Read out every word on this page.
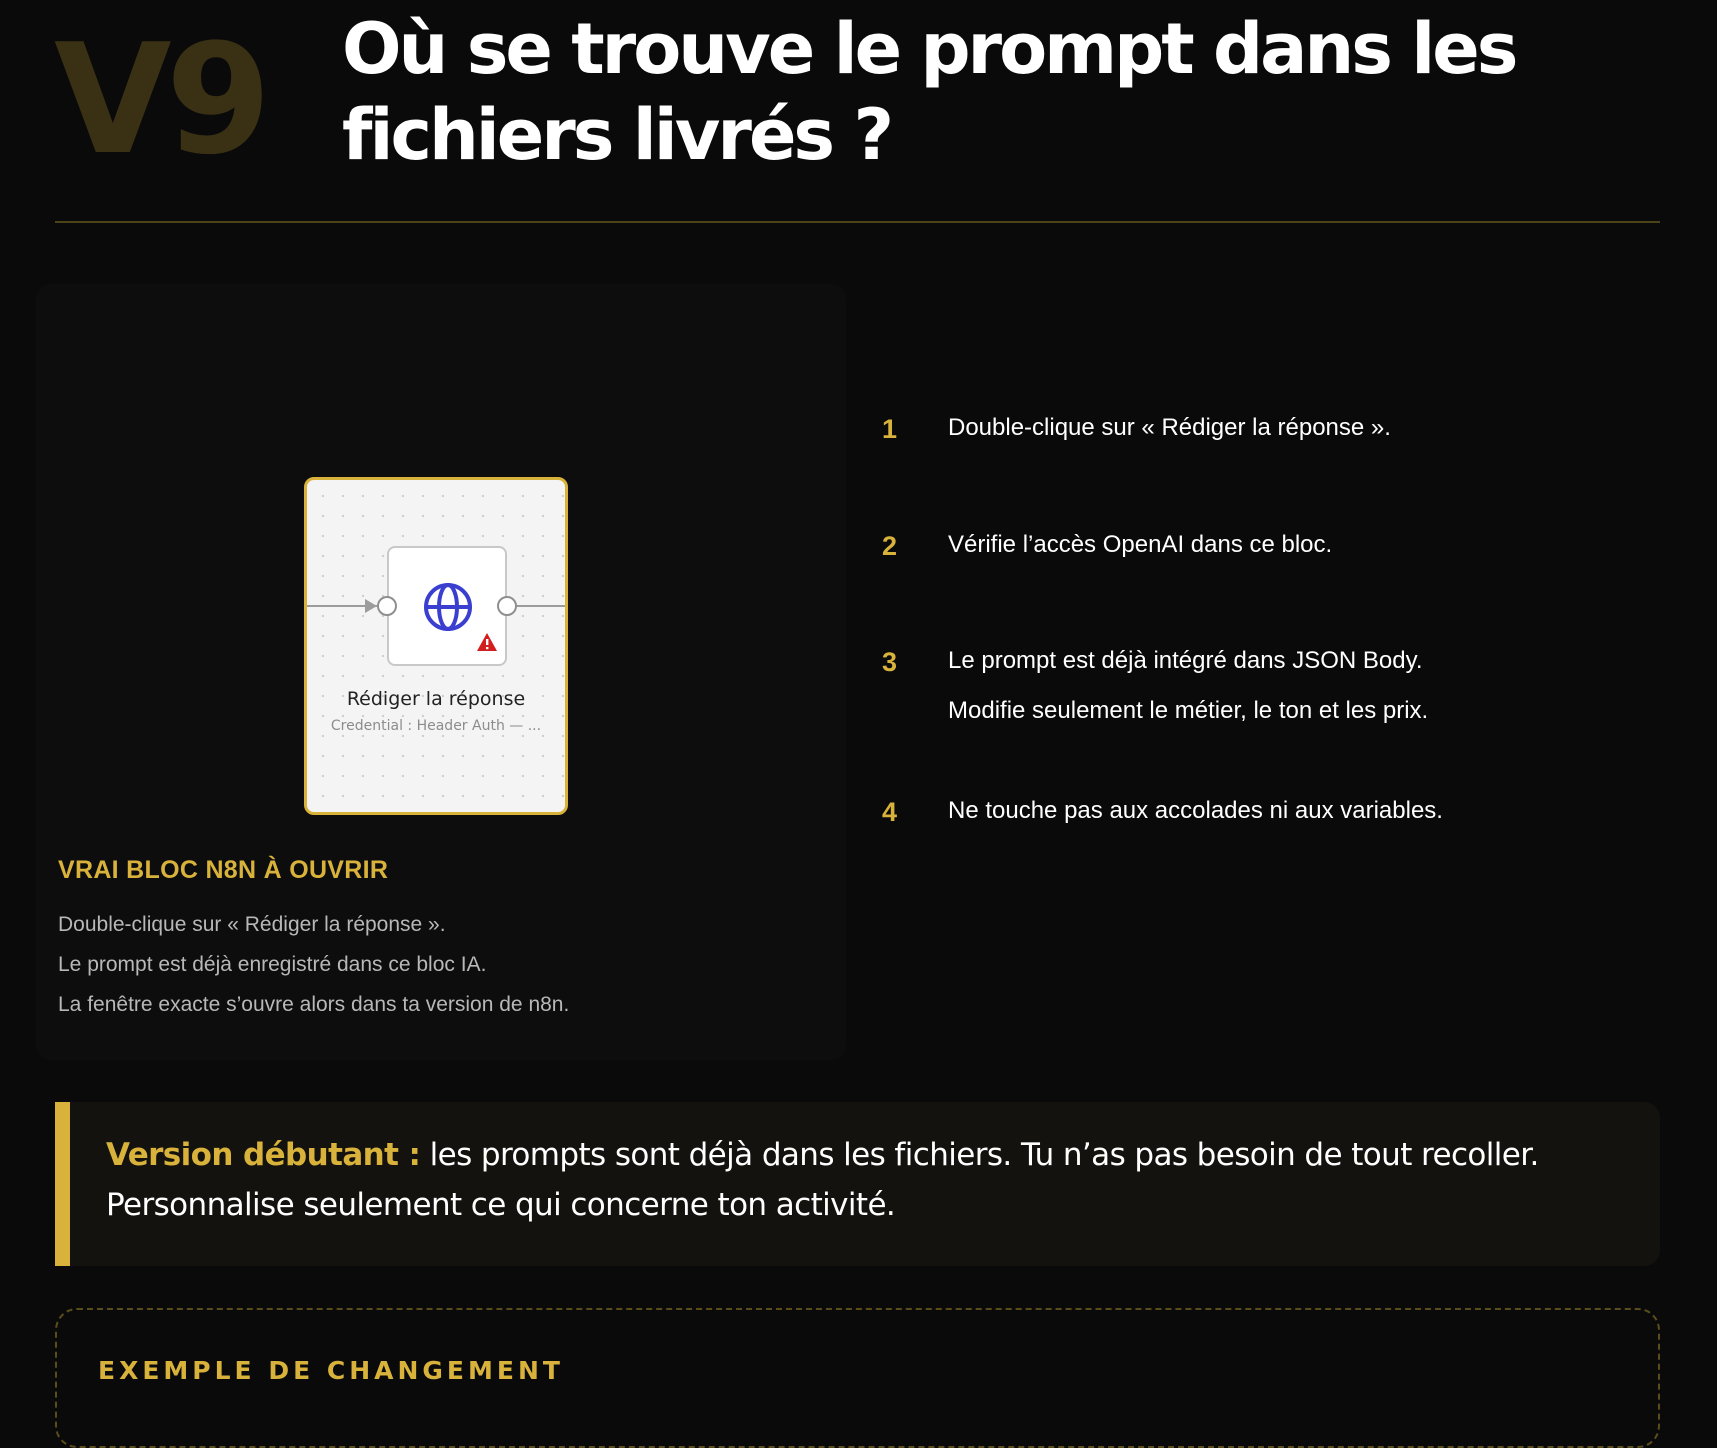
V9 Où se trouve le prompt dans les fichiers livrés ?
Rédiger la réponse
Credential : Header Auth — ...
VRAI BLOC N8N À OUVRIR
Double-clique sur « Rédiger la réponse ».
Le prompt est déjà enregistré dans ce bloc IA.
La fenêtre exacte s’ouvre alors dans ta version de n8n.
1 Double-clique sur « Rédiger la réponse ».
2 Vérifie l’accès OpenAI dans ce bloc.
3 Le prompt est déjà intégré dans JSON Body.
Modifie seulement le métier, le ton et les prix.
4 Ne touche pas aux accolades ni aux variables.
Version débutant : les prompts sont déjà dans les fichiers. Tu n’as pas besoin de tout recoller. Personnalise seulement ce qui concerne ton activité.
EXEMPLE DE CHANGEMENT
